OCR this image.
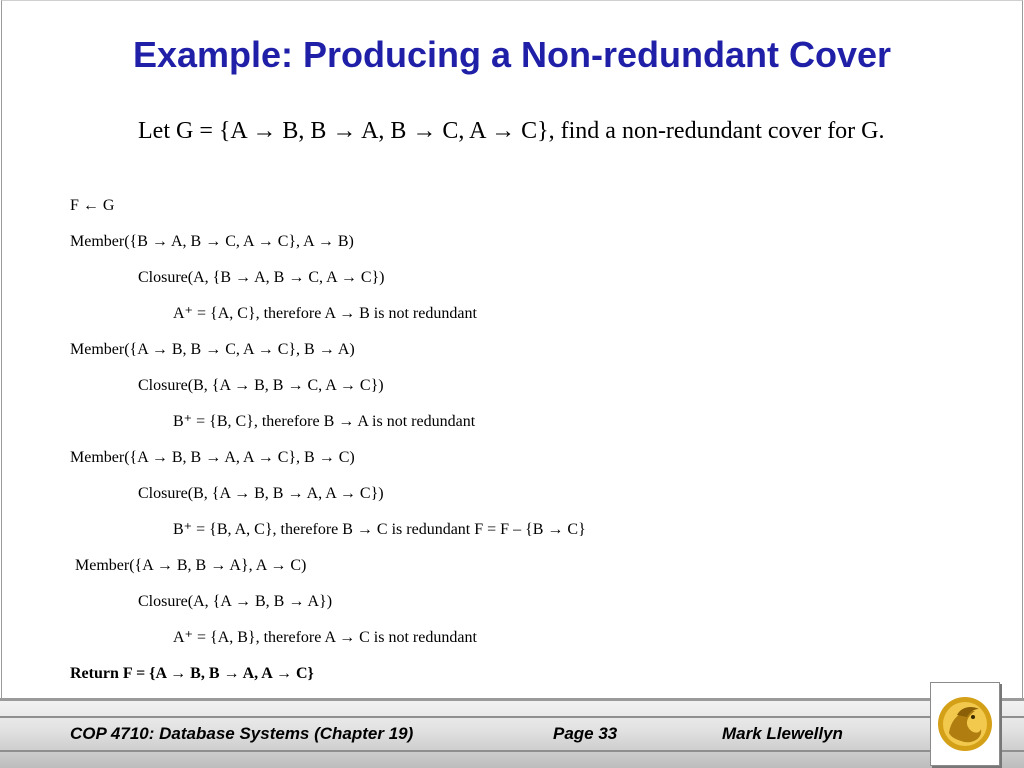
Example: Producing a Non-redundant Cover
Let G = {A → B, B → A, B → C, A → C}, find a non-redundant cover for G.
F ← G
Member({B → A, B → C, A → C}, A → B)
Closure(A, {B → A, B → C, A → C})
A⁺ = {A, C}, therefore A → B is not redundant
Member({A → B, B → C, A → C}, B → A)
Closure(B, {A → B, B → C, A → C})
B⁺ = {B, C}, therefore B → A is not redundant
Member({A → B, B → A, A → C}, B → C)
Closure(B, {A → B, B → A, A → C})
B⁺ = {B, A, C}, therefore B → C is redundant F = F – {B → C}
Member({A → B, B → A}, A → C)
Closure(A, {A → B, B → A})
A⁺ = {A, B}, therefore A → C is not redundant
Return F = {A → B, B → A, A → C}
COP 4710: Database Systems (Chapter 19)	Page 33	Mark Llewellyn
